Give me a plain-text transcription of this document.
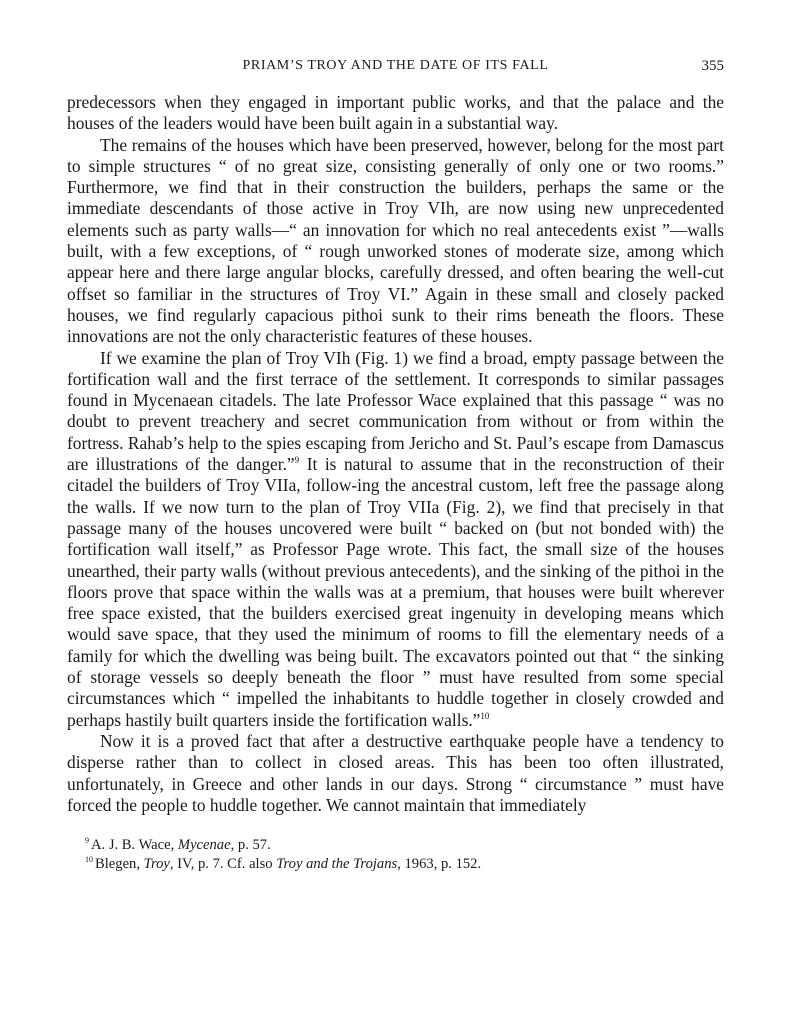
PRIAM’S TROY AND THE DATE OF ITS FALL	355

predecessors when they engaged in important public works, and that the palace and the houses of the leaders would have been built again in a substantial way.

The remains of the houses which have been preserved, however, belong for the most part to simple structures “ of no great size, consisting generally of only one or two rooms.” Furthermore, we find that in their construction the builders, perhaps the same or the immediate descendants of those active in Troy VIh, are now using new unprecedented elements such as party walls—“ an innovation for which no real antecedents exist ”—walls built, with a few exceptions, of “ rough unworked stones of moderate size, among which appear here and there large angular blocks, carefully dressed, and often bearing the well-cut offset so familiar in the structures of Troy VI.” Again in these small and closely packed houses, we find regularly capacious pithoi sunk to their rims beneath the floors. These innovations are not the only characteristic features of these houses.

If we examine the plan of Troy VIh (Fig. 1) we find a broad, empty passage between the fortification wall and the first terrace of the settlement. It corresponds to similar passages found in Mycenaean citadels. The late Professor Wace explained that this passage “ was no doubt to prevent treachery and secret communication from without or from within the fortress. Rahab’s help to the spies escaping from Jericho and St. Paul’s escape from Damascus are illustrations of the danger.”$^9$ It is natural to assume that in the reconstruction of their citadel the builders of Troy VIIa, follow-ing the ancestral custom, left free the passage along the walls. If we now turn to the plan of Troy VIIa (Fig. 2), we find that precisely in that passage many of the houses uncovered were built “ backed on (but not bonded with) the fortification wall itself,” as Professor Page wrote. This fact, the small size of the houses unearthed, their party walls (without previous antecedents), and the sinking of the pithoi in the floors prove that space within the walls was at a premium, that houses were built wherever free space existed, that the builders exercised great ingenuity in developing means which would save space, that they used the minimum of rooms to fill the elementary needs of a family for which the dwelling was being built. The excavators pointed out that “ the sinking of storage vessels so deeply beneath the floor ” must have resulted from some special circumstances which “ impelled the inhabitants to huddle together in closely crowded and perhaps hastily built quarters inside the fortification walls.”$^{10}$

Now it is a proved fact that after a destructive earthquake people have a tendency to disperse rather than to collect in closed areas. This has been too often illustrated, unfortunately, in Greece and other lands in our days. Strong “ circumstance ” must have forced the people to huddle together. We cannot maintain that immediately

$^9$ A. J. B. Wace, Mycenae, p. 57.
$^{10}$ Blegen, Troy, IV, p. 7. Cf. also Troy and the Trojans, 1963, p. 152.
